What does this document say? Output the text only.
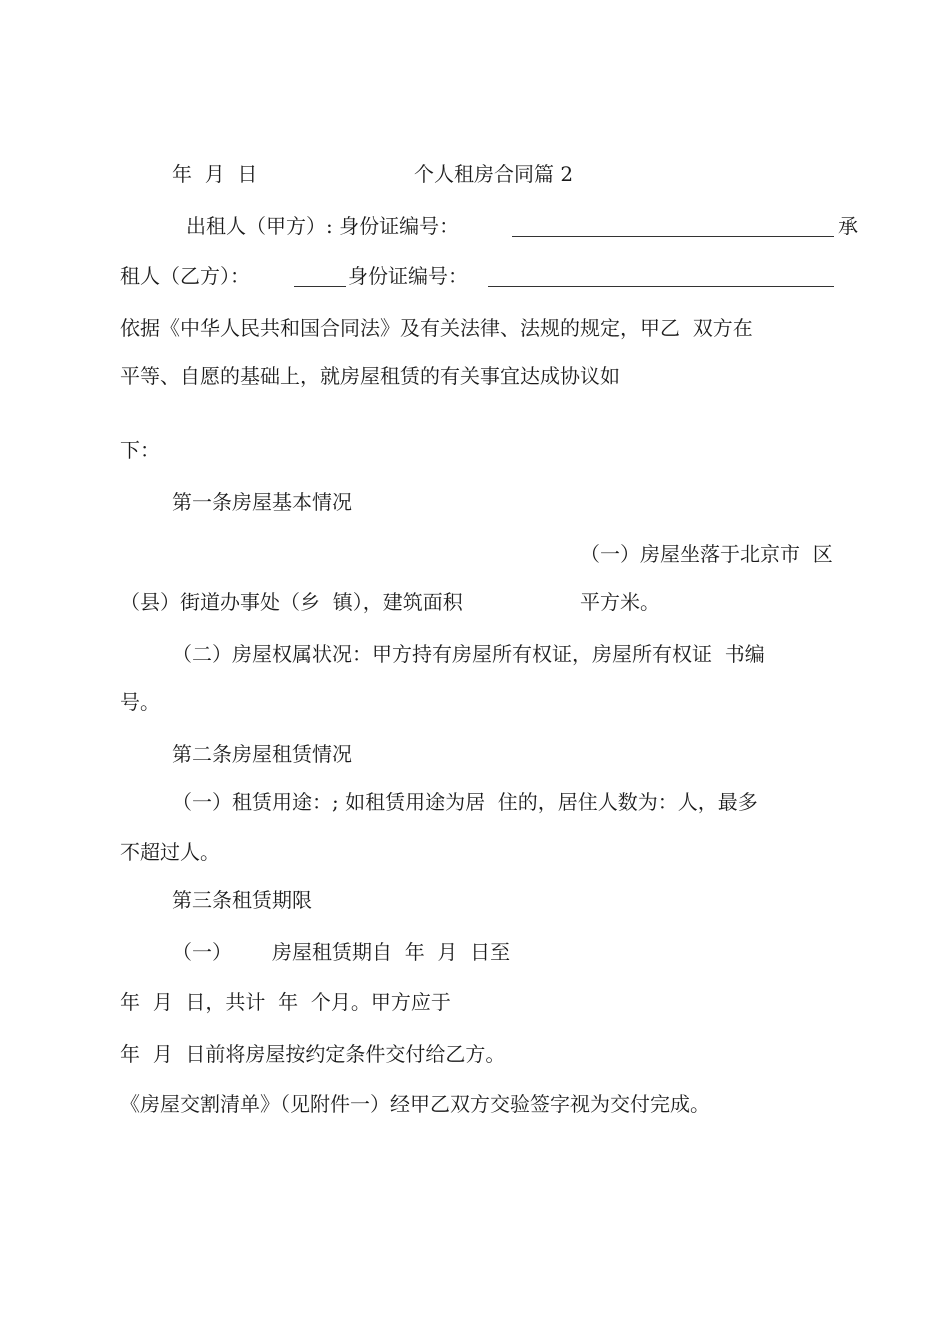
年  月  日	个人租房合同篇 2
出租人（甲方）: 身份证编号：	承
租人（乙方）：	身份证编号：
依据《中华人民共和国合同法》及有关法律、法规的规定，甲乙  双方在
平等、自愿的基础上，就房屋租赁的有关事宜达成协议如
下：
第一条房屋基本情况
（一）房屋坐落于北京市  区
（县）街道办事处（乡  镇），建筑面积	平方米。
（二）房屋权属状况：甲方持有房屋所有权证，房屋所有权证  书编
号。
第二条房屋租赁情况
（一）租赁用途：; 如租赁用途为居  住的，居住人数为：人，最多
不超过人。
第三条租赁期限
（一） 房屋租赁期自  年  月  日至
年  月  日，共计  年  个月。甲方应于
年  月  日前将房屋按约定条件交付给乙方。
《房屋交割清单》（见附件一）经甲乙双方交验签字视为交付完成。
